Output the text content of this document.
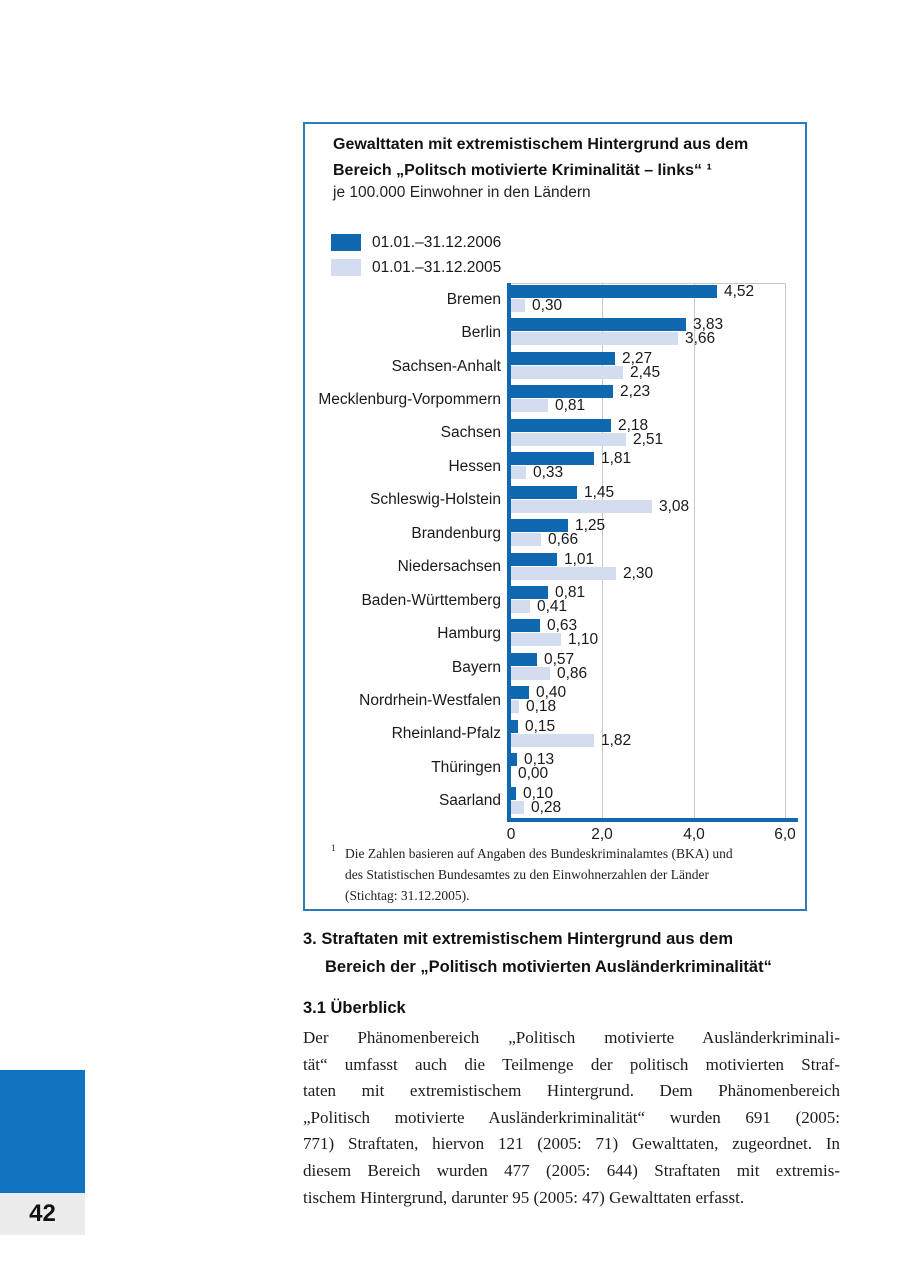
Gewalttaten mit extremistischem Hintergrund aus dem
Bereich „Politsch motivierte Kriminalität – links“ ¹
je 100.000 Einwohner in den Ländern
01.01.–31.12.2006
01.01.–31.12.2005
Bremen	4,52
0,30
Berlin	3,83
3,66
Sachsen-Anhalt	2,27
2,45
Mecklenburg-Vorpommern	2,23
0,81
Sachsen	2,18
2,51
Hessen	1,81
0,33
Schleswig-Holstein	1,45
3,08
Brandenburg	1,25
0,66
Niedersachsen	1,01
2,30
Baden-Württemberg	0,81
0,41
Hamburg	0,63
1,10
Bayern	0,57
0,86
Nordrhein-Westfalen 0,40
0,18
Rheinland-Pfalz 0,15
1,82
Thüringen 0,13
0,00
Saarland 0,10
0,28
0	2,0	4,0	6,0
1 Die Zahlen basieren auf Angaben des Bundeskriminalamtes (BKA) und
des Statistischen Bundesamtes zu den Einwohnerzahlen der Länder
(Stichtag: 31.12.2005).
3. Straftaten mit extremistischem Hintergrund aus dem
Bereich der „Politisch motivierten Ausländerkriminalität“
3.1 Überblick
Der Phänomenbereich „Politisch motivierte Ausländerkriminali-
tät“ umfasst auch die Teilmenge der politisch motivierten Straf-
taten mit extremistischem Hintergrund. Dem Phänomenbereich
„Politisch motivierte Ausländerkriminalität“ wurden 691 (2005:
771) Straftaten, hiervon 121 (2005: 71) Gewalttaten, zugeordnet. In
diesem Bereich wurden 477 (2005: 644) Straftaten mit extremis-
tischem Hintergrund, darunter 95 (2005: 47) Gewalttaten erfasst.
42
